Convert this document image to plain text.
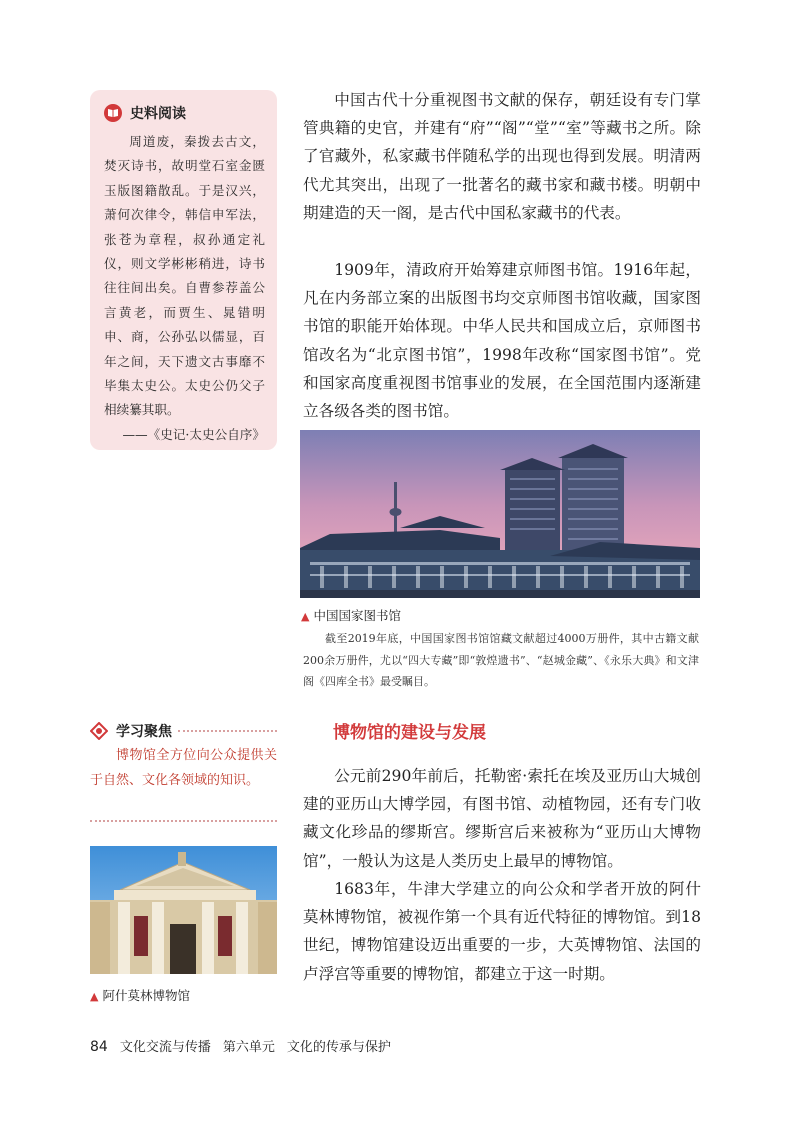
史料阅读

周道废，秦拨去古文，焚灭诗书，故明堂石室金匮玉版图籍散乱。于是汉兴，萧何次律令，韩信申军法，张苍为章程，叔孙通定礼仪，则文学彬彬稍进，诗书往往间出矣。自曹参荐盖公言黄老，而贾生、晁错明申、商，公孙弘以儒显，百年之间，天下遗文古事靡不毕集太史公。太史公仍父子相续纂其职。

——《史记·太史公自序》

中国古代十分重视图书文献的保存，朝廷设有专门掌管典籍的史官，并建有“府”“阁”“堂”“室”等藏书之所。除了官藏外，私家藏书伴随私学的出现也得到发展。明清两代尤其突出，出现了一批著名的藏书家和藏书楼。明朝中期建造的天一阁，是古代中国私家藏书的代表。

1909年，清政府开始筹建京师图书馆。1916年起，凡在内务部立案的出版图书均交京师图书馆收藏，国家图书馆的职能开始体现。中华人民共和国成立后，京师图书馆改名为“北京图书馆”，1998年改称“国家图书馆”。党和国家高度重视图书馆事业的发展，在全国范围内逐渐建立各级各类的图书馆。

▲ 中国国家图书馆

截至2019年底，中国国家图书馆馆藏文献超过4000万册件，其中古籍文献200余万册件，尤以“四大专藏”即“敦煌遗书”、“赵城金藏”、《永乐大典》和文津阁《四库全书》最受瞩目。

学习聚焦

博物馆全方位向公众提供关于自然、文化各领域的知识。

▲ 阿什莫林博物馆
博物馆的建设与发展

公元前290年前后，托勒密·索托在埃及亚历山大城创建的亚历山大博学园，有图书馆、动植物园，还有专门收藏文化珍品的缪斯宫。缪斯宫后来被称为“亚历山大博物馆”，一般认为这是人类历史上最早的博物馆。

1683年，牛津大学建立的向公众和学者开放的阿什莫林博物馆，被视作第一个具有近代特征的博物馆。到18世纪，博物馆建设迈出重要的一步，大英博物馆、法国的卢浮宫等重要的博物馆，都建立于这一时期。

84 文化交流与传播 第六单元 文化的传承与保护
